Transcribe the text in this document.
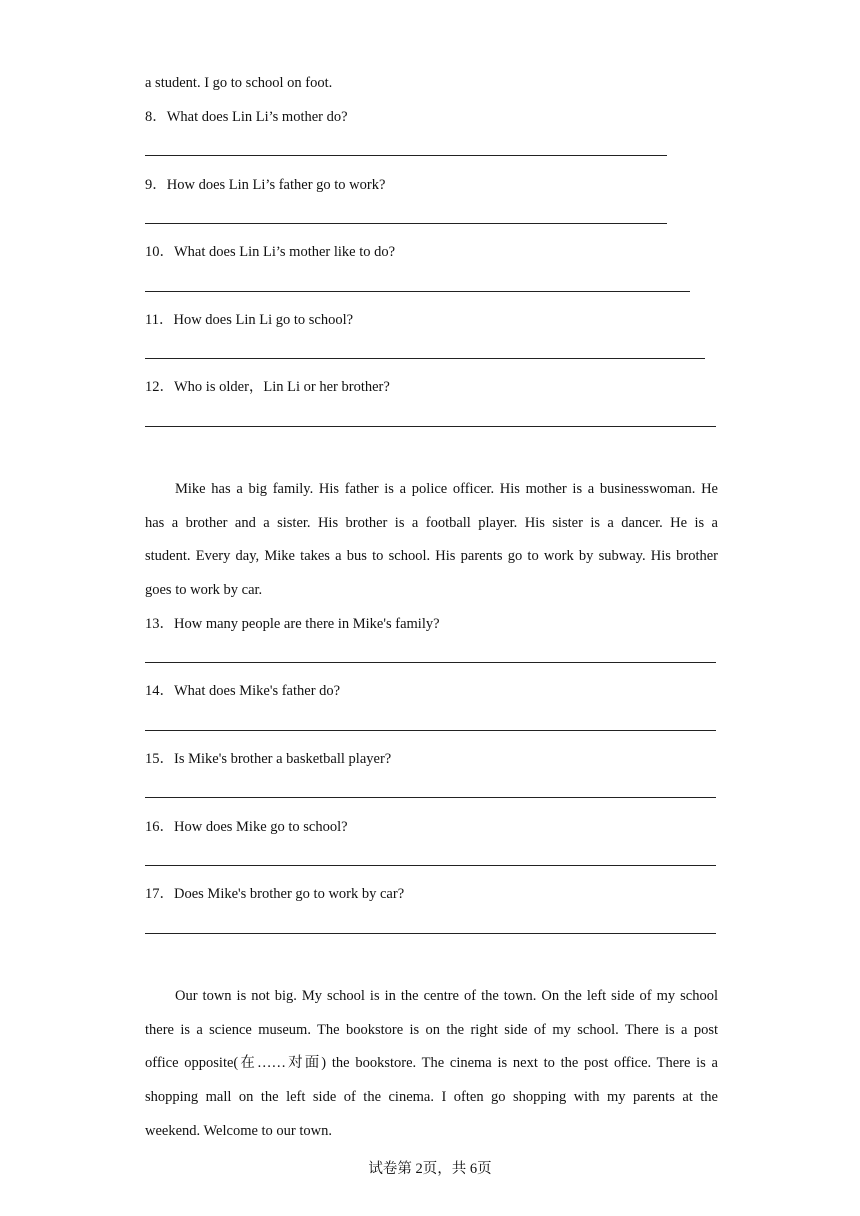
a student. I go to school on foot.
8．What does Lin Li’s mother do?
9．How does Lin Li’s father go to work?
10．What does Lin Li’s mother like to do?
11．How does Lin Li go to school?
12．Who is older，Lin Li or her brother?
Mike has a big family. His father is a police officer. His mother is a businesswoman. He
has a brother and a sister. His brother is a football player. His sister is a dancer. He is a
student. Every day, Mike takes a bus to school. His parents go to work by subway. His brother
goes to work by car.
13．How many people are there in Mike's family?
14．What does Mike's father do?
15．Is Mike's brother a basketball player?
16．How does Mike go to school?
17．Does Mike's brother go to work by car?
Our town is not big. My school is in the centre of the town. On the left side of my school
there is a science museum. The bookstore is on the right side of my school. There is a post
office opposite(在……对面) the bookstore. The cinema is next to the post office. There is a
shopping mall on the left side of the cinema. I often go shopping with my parents at the
weekend. Welcome to our town.
试卷第 2页，共 6页
